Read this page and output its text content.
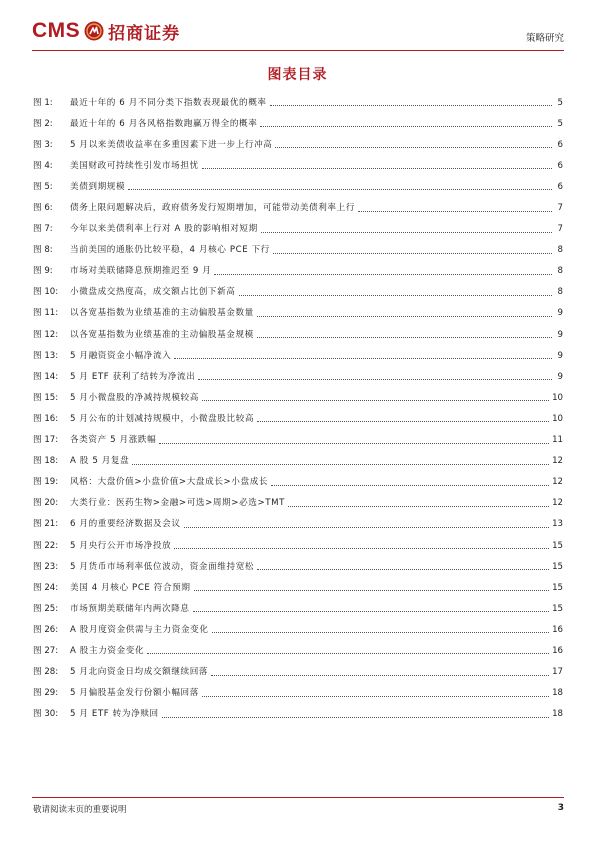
CMS 招商证券	策略研究
图表目录
图 1:	最近十年的 6 月不同分类下指数表现最优的概率	5
图 2:	最近十年的 6 月各风格指数跑赢万得全的概率	5
图 3:	5 月以来美债收益率在多重因素下进一步上行冲高	6
图 4:	美国财政可持续性引发市场担忧	6
图 5:	美债到期规模	6
图 6:	债务上限问题解决后，政府债务发行短期增加，可能带动美债利率上行	7
图 7:	今年以来美债利率上行对 A 股的影响相对短期	7
图 8:	当前美国的通胀仍比较平稳，4 月核心 PCE 下行	8
图 9:	市场对美联储降息预期推迟至 9 月	8
图 10:	小微盘成交热度高，成交额占比创下新高	8
图 11:	以各宽基指数为业绩基准的主动偏股基金数量	9
图 12:	以各宽基指数为业绩基准的主动偏股基金规模	9
图 13:	5 月融资资金小幅净流入	9
图 14:	5 月 ETF 获利了结转为净流出	9
图 15:	5 月小微盘股的净减持规模较高	10
图 16:	5 月公布的计划减持规模中，小微盘股比较高	10
图 17:	各类资产 5 月涨跌幅	11
图 18:	A 股 5 月复盘	12
图 19:	风格：大盘价值>小盘价值>大盘成长>小盘成长	12
图 20:	大类行业：医药生物>金融>可选>周期>必选>TMT	12
图 21:	6 月的重要经济数据及会议	13
图 22:	5 月央行公开市场净投放	15
图 23:	5 月货币市场利率低位波动，资金面维持宽松	15
图 24:	美国 4 月核心 PCE 符合预期	15
图 25:	市场预期美联储年内两次降息	15
图 26:	A 股月度资金供需与主力资金变化	16
图 27:	A 股主力资金变化	16
图 28:	5 月北向资金日均成交额继续回落	17
图 29:	5 月偏股基金发行份额小幅回落	18
图 30:	5 月 ETF 转为净赎回	18
敬请阅读末页的重要说明	3
